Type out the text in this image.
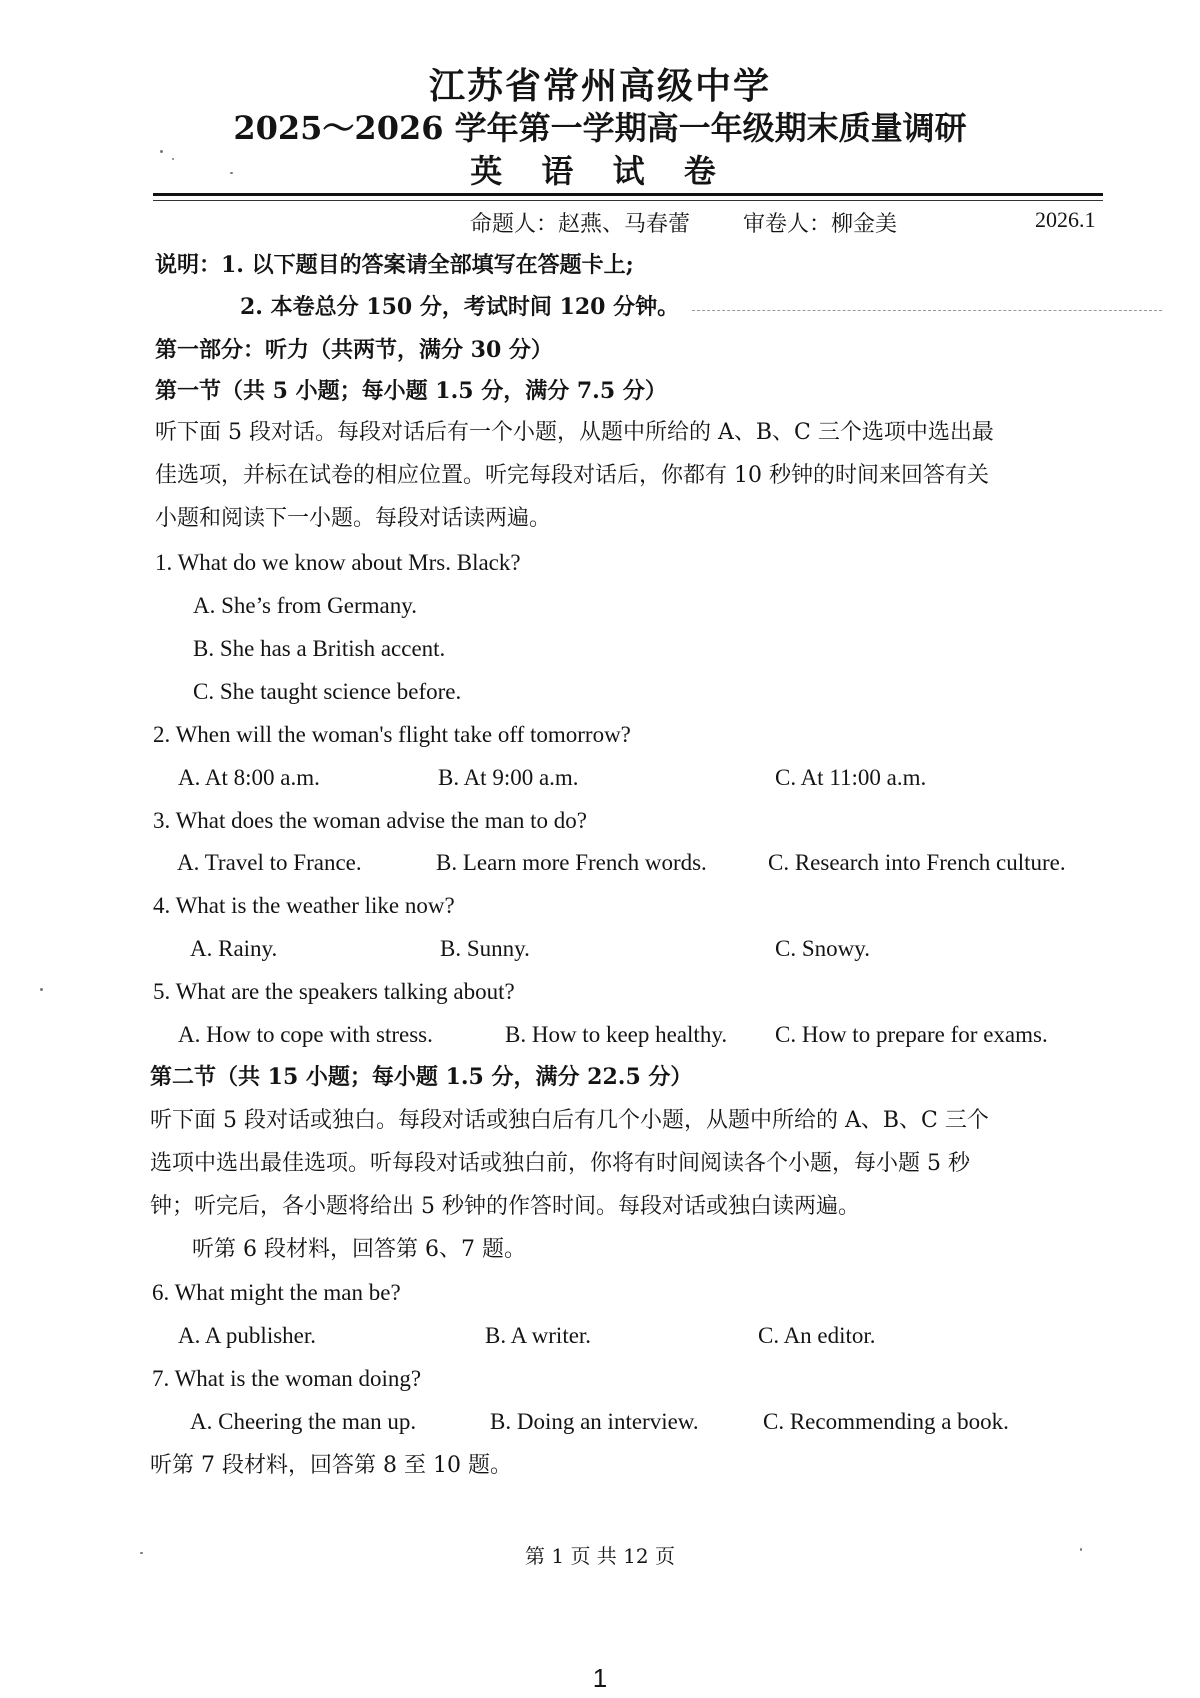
江苏省常州高级中学
2025～2026 学年第一学期高一年级期末质量调研
英 语 试 卷
命题人：赵燕、马春蕾 审卷人：柳金美	2026.1
说明：1. 以下题目的答案请全部填写在答题卡上;
2. 本卷总分 150 分，考试时间 120 分钟。
第一部分：听力（共两节，满分 30 分）
第一节（共 5 小题；每小题 1.5 分，满分 7.5 分）
听下面 5 段对话。每段对话后有一个小题，从题中所给的 A、B、C 三个选项中选出最
佳选项，并标在试卷的相应位置。听完每段对话后，你都有 10 秒钟的时间来回答有关
小题和阅读下一小题。每段对话读两遍。
1. What do we know about Mrs. Black?
A. She’s from Germany.
B. She has a British accent.
C. She taught science before.
2. When will the woman's flight take off tomorrow?
A. At 8:00 a.m.	B. At 9:00 a.m.	C. At 11:00 a.m.
3. What does the woman advise the man to do?
A. Travel to France.	B. Learn more French words.	C. Research into French culture.
4. What is the weather like now?
A. Rainy.	B. Sunny.	C. Snowy.
5. What are the speakers talking about?
A. How to cope with stress.	B. How to keep healthy. C. How to prepare for exams.
第二节（共 15 小题；每小题 1.5 分，满分 22.5 分）
听下面 5 段对话或独白。每段对话或独白后有几个小题，从题中所给的 A、B、C 三个
选项中选出最佳选项。听每段对话或独白前，你将有时间阅读各个小题，每小题 5 秒
钟；听完后，各小题将给出 5 秒钟的作答时间。每段对话或独白读两遍。
听第 6 段材料，回答第 6、7 题。
6. What might the man be?
A. A publisher.	B. A writer.	C. An editor.
7. What is the woman doing?
A. Cheering the man up.	B. Doing an interview.	C. Recommending a book.
听第 7 段材料，回答第 8 至 10 题。
第 1 页 共 12 页
1
